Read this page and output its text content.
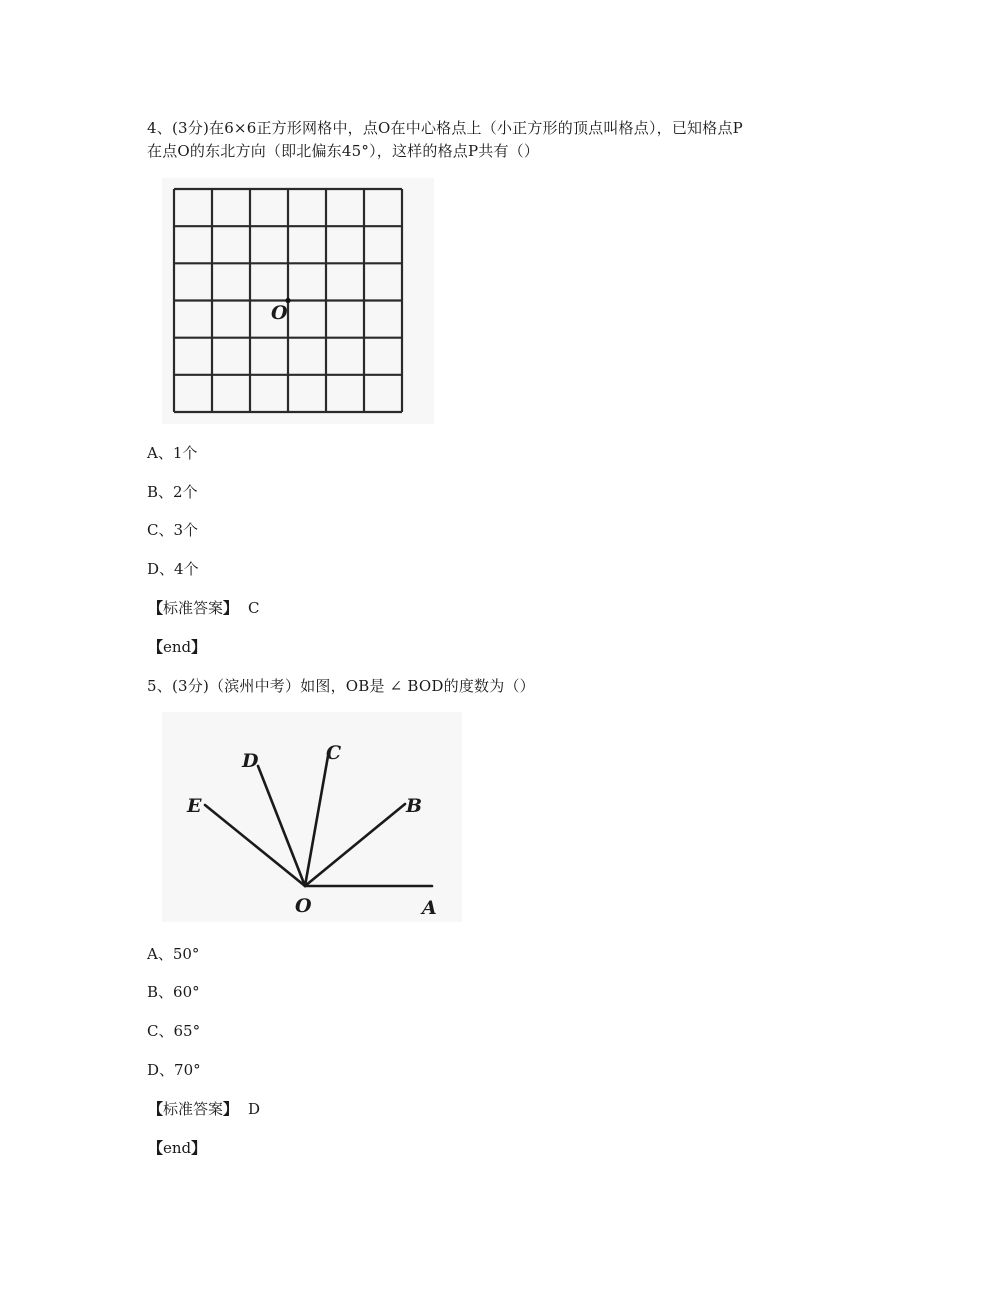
4、(3分)在6×6正方形网格中，点O在中心格点上（小正方形的顶点叫格点），已知格点P
在点O的东北方向（即北偏东45°），这样的格点P共有（）
O
A、1个
B、2个
C、3个
D、4个
【标准答案】 C
【end】
5、(3分)（滨州中考）如图，OB是 ∠ BOD的度数为（）
O	A
B
C
D
E
A、50°
B、60°
C、65°
D、70°
【标准答案】 D
【end】
